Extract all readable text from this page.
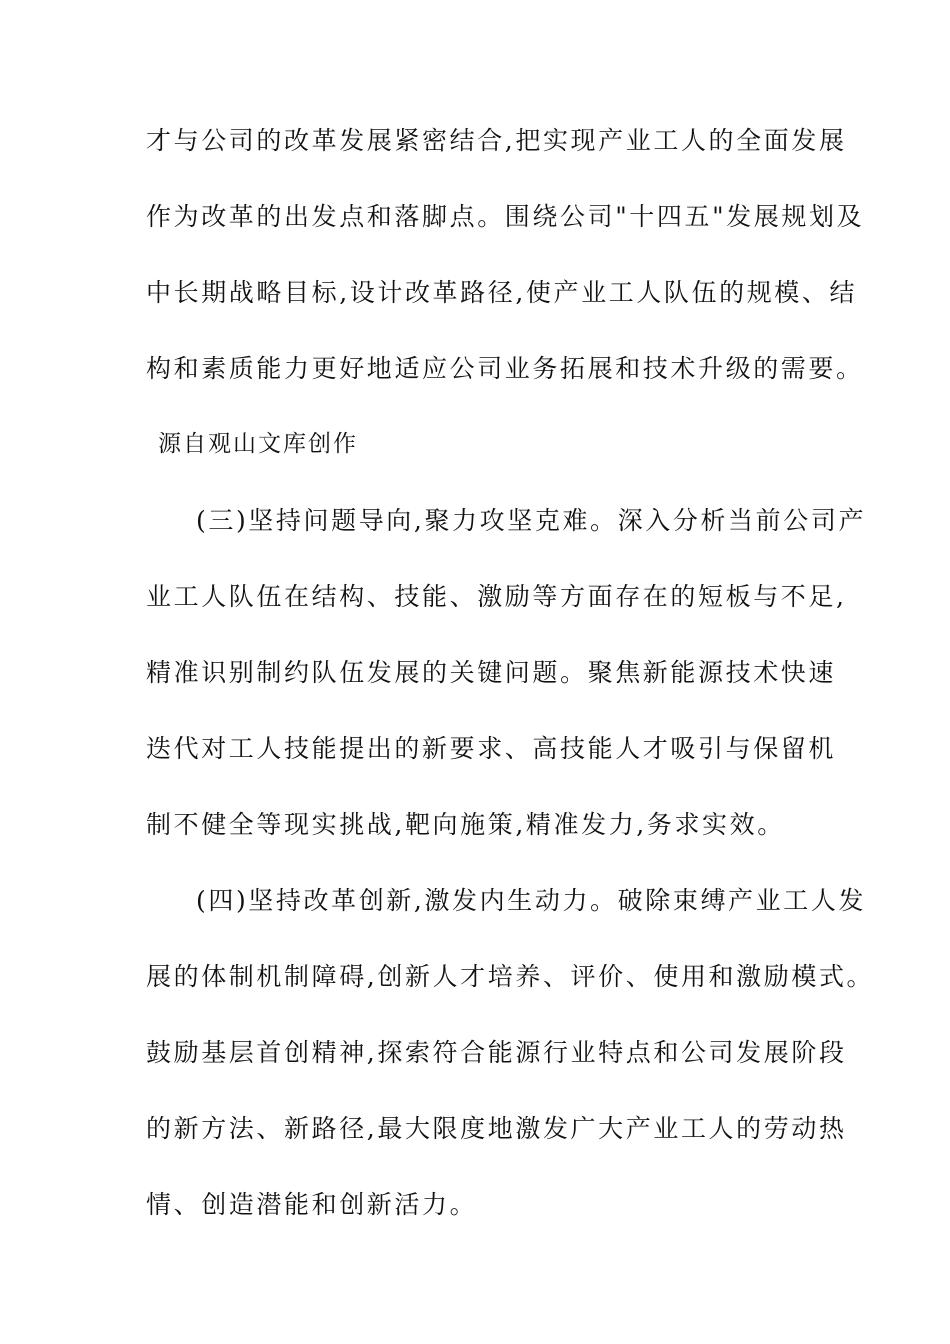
才与公司的改革发展紧密结合,把实现产业工人的全面发展

作为改革的出发点和落脚点。围绕公司"十四五"发展规划及

中长期战略目标,设计改革路径,使产业工人队伍的规模、结

构和素质能力更好地适应公司业务拓展和技术升级的需要。

源自观山文库创作

(三)坚持问题导向,聚力攻坚克难。深入分析当前公司产

业工人队伍在结构、技能、激励等方面存在的短板与不足,

精准识别制约队伍发展的关键问题。聚焦新能源技术快速

迭代对工人技能提出的新要求、高技能人才吸引与保留机

制不健全等现实挑战,靶向施策,精准发力,务求实效。

(四)坚持改革创新,激发内生动力。破除束缚产业工人发

展的体制机制障碍,创新人才培养、评价、使用和激励模式。

鼓励基层首创精神,探索符合能源行业特点和公司发展阶段

的新方法、新路径,最大限度地激发广大产业工人的劳动热

情、创造潜能和创新活力。
